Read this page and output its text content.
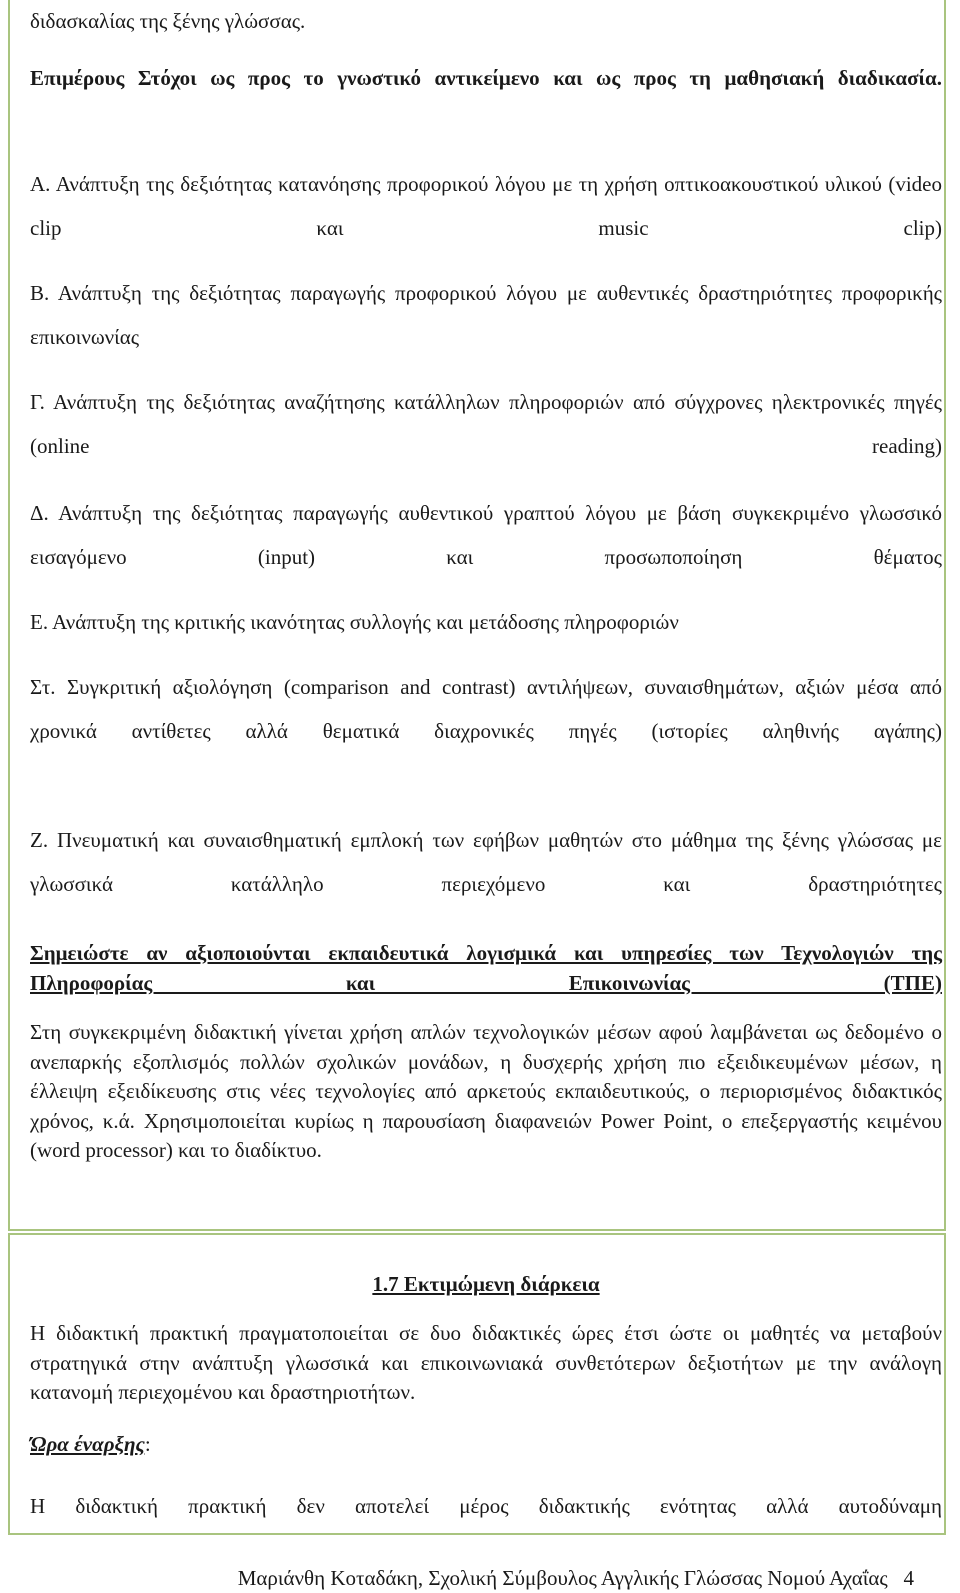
διδασκαλίας της ξένης γλώσσας.

Επιμέρους Στόχοι ως προς το γνωστικό αντικείμενο και ως προς τη μαθησιακή διαδικασία.

Α. Ανάπτυξη της δεξιότητας κατανόησης προφορικού λόγου με τη χρήση οπτικοακουστικού υλικού (video clip και music clip)

Β. Ανάπτυξη της δεξιότητας παραγωγής προφορικού λόγου με αυθεντικές δραστηριότητες προφορικής επικοινωνίας

Γ. Ανάπτυξη της δεξιότητας αναζήτησης κατάλληλων πληροφοριών από σύγχρονες ηλεκτρονικές πηγές (online reading)

Δ. Ανάπτυξη της δεξιότητας παραγωγής αυθεντικού γραπτού λόγου με βάση συγκεκριμένο γλωσσικό εισαγόμενο (input) και προσωποποίηση θέματος

Ε. Ανάπτυξη της κριτικής ικανότητας συλλογής και μετάδοσης πληροφοριών

Στ. Συγκριτική αξιολόγηση (comparison and contrast) αντιλήψεων, συναισθημάτων, αξιών μέσα από χρονικά αντίθετες αλλά θεματικά διαχρονικές πηγές (ιστορίες αληθινής αγάπης)

Ζ. Πνευματική και συναισθηματική εμπλοκή των εφήβων μαθητών στο μάθημα της ξένης γλώσσας με γλωσσικά κατάλληλο περιεχόμενο και δραστηριότητες

Σημειώστε αν αξιοποιούνται εκπαιδευτικά λογισμικά και υπηρεσίες των Τεχνολογιών της Πληροφορίας και Επικοινωνίας (ΤΠΕ)

Στη συγκεκριμένη διδακτική γίνεται χρήση απλών τεχνολογικών μέσων αφού λαμβάνεται ως δεδομένο ο ανεπαρκής εξοπλισμός πολλών σχολικών μονάδων, η δυσχερής χρήση πιο εξειδικευμένων μέσων, η έλλειψη εξειδίκευσης στις νέες τεχνολογίες από αρκετούς εκπαιδευτικούς, ο περιορισμένος διδακτικός χρόνος, κ.ά. Χρησιμοποιείται κυρίως η παρουσίαση διαφανειών Power Point, ο επεξεργαστής κειμένου (word processor) και το διαδίκτυο.

1.7 Εκτιμώμενη διάρκεια

Η διδακτική πρακτική πραγματοποιείται σε δυο διδακτικές ώρες έτσι ώστε οι μαθητές να μεταβούν στρατηγικά στην ανάπτυξη γλωσσικά και επικοινωνιακά συνθετότερων δεξιοτήτων με την ανάλογη κατανομή περιεχομένου και δραστηριοτήτων.

Ώρα έναρξης:

Η διδακτική πρακτική δεν αποτελεί μέρος διδακτικής ενότητας αλλά αυτοδύναμη

Μαριάνθη Κοταδάκη, Σχολική Σύμβουλος Αγγλικής Γλώσσας Νομού Αχαΐας 4
